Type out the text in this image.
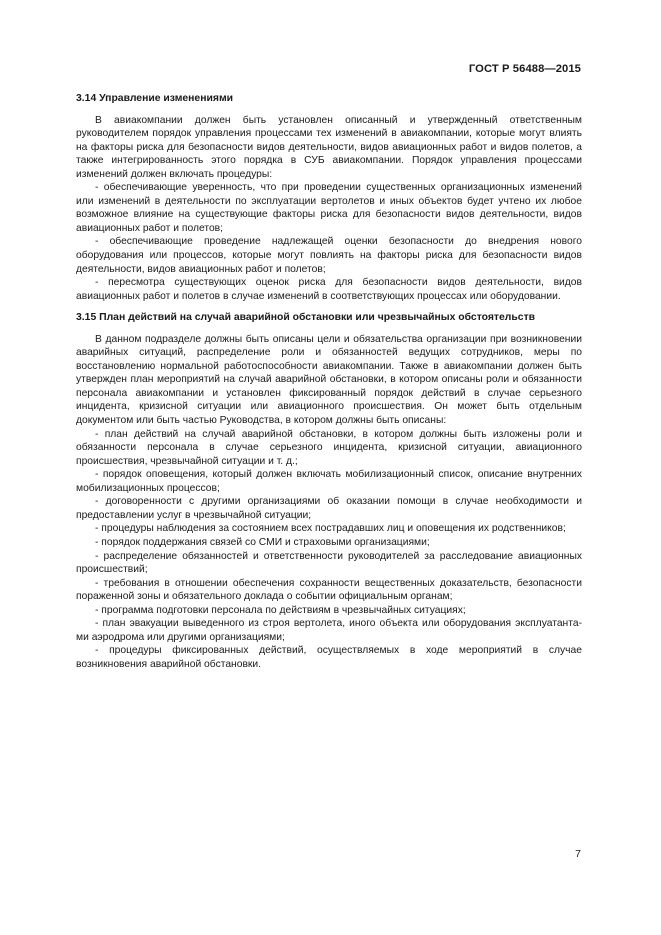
ГОСТ Р 56488—2015
3.14 Управление изменениями

В авиакомпании должен быть установлен описанный и утвержденный ответственным руководителем порядок управления процессами тех изменений в авиакомпании, которые могут влиять на факторы риска для безопасности видов деятельности, видов авиационных работ и видов полетов, а также интегрированность этого порядка в СУБ авиакомпании. Порядок управления процессами изменений должен включать процедуры:

- обеспечивающие уверенность, что при проведении существенных организационных изменений или изменений в деятельности по эксплуатации вертолетов и иных объектов будет учтено их любое возможное влияние на существующие факторы риска для безопасности видов деятельности, видов авиационных работ и полетов;

- обеспечивающие проведение надлежащей оценки безопасности до внедрения нового оборудования или процессов, которые могут повлиять на факторы риска для безопасности видов деятельности, видов авиационных работ и полетов;

- пересмотра существующих оценок риска для безопасности видов деятельности, видов авиационных работ и полетов в случае изменений в соответствующих процессах или оборудовании.

3.15 План действий на случай аварийной обстановки или чрезвычайных обстоятельств

В данном подразделе должны быть описаны цели и обязательства организации при возникновении аварийных ситуаций, распределение роли и обязанностей ведущих сотрудников, меры по восстановлению нормальной работоспособности авиакомпании. Также в авиакомпании должен быть утвержден план мероприятий на случай аварийной обстановки, в котором описаны роли и обязанности персонала авиакомпании и установлен фиксированный порядок действий в случае серьезного инцидента, кризисной ситуации или авиационного происшествия. Он может быть отдельным документом или быть частью Руководства, в котором должны быть описаны:

- план действий на случай аварийной обстановки, в котором должны быть изложены роли и обязанности персонала в случае серьезного инцидента, кризисной ситуации, авиационного происшествия, чрезвычайной ситуации и т. д.;

- порядок оповещения, который должен включать мобилизационный список, описание внутренних мобилизационных процессов;

- договоренности с другими организациями об оказании помощи в случае необходимости и предоставлении услуг в чрезвычайной ситуации;

- процедуры наблюдения за состоянием всех пострадавших лиц и оповещения их родственников;

- порядок поддержания связей со СМИ и страховыми организациями;

- распределение обязанностей и ответственности руководителей за расследование авиационных происшествий;

- требования в отношении обеспечения сохранности вещественных доказательств, безопасности пораженной зоны и обязательного доклада о событии официальным органам;

- программа подготовки персонала по действиям в чрезвычайных ситуациях;

- план эвакуации выведенного из строя вертолета, иного объекта или оборудования эксплуатанта-ми аэродрома или другими организациями;

- процедуры фиксированных действий, осуществляемых в ходе мероприятий в случае возникновения аварийной обстановки.

7
